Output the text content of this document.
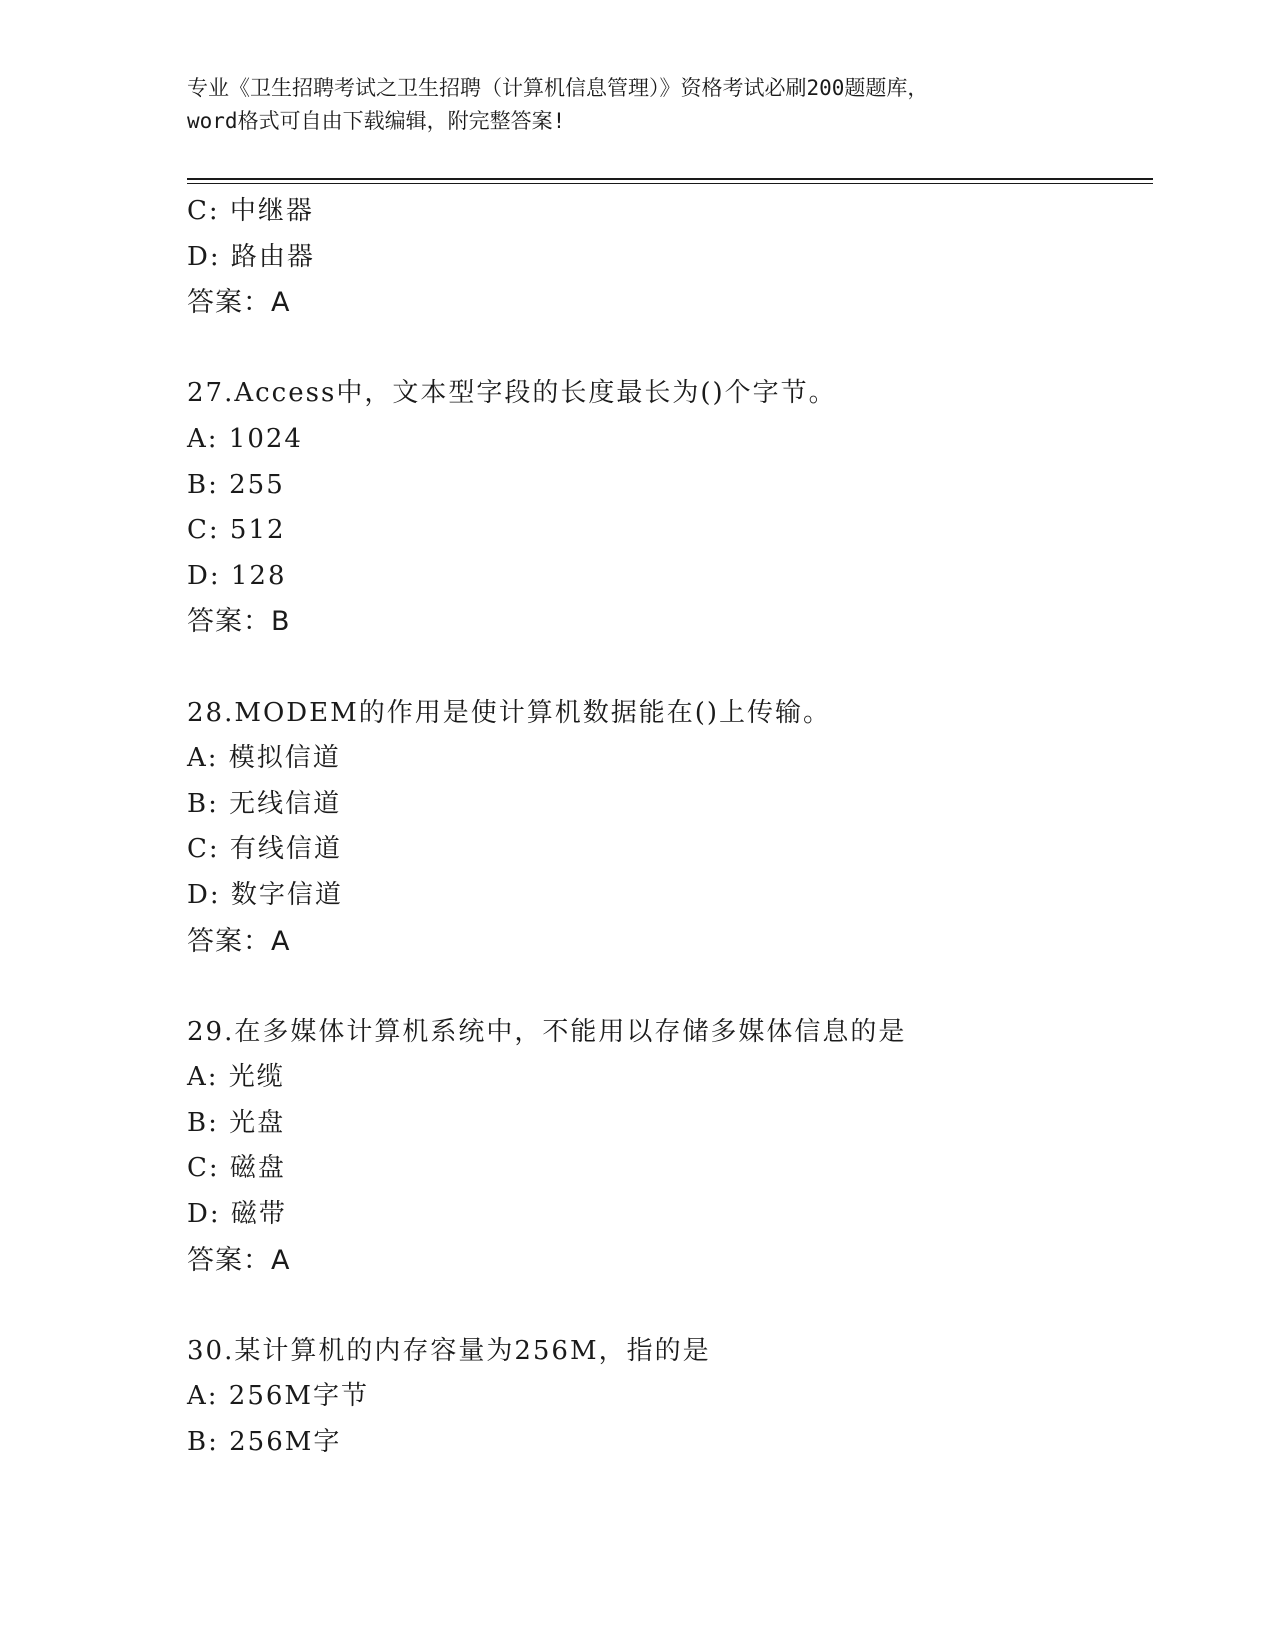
专业《卫生招聘考试之卫生招聘（计算机信息管理）》资格考试必刷200题题库，
word格式可自由下载编辑，附完整答案!
C: 中继器
D: 路由器
答案：A
27.Access中，文本型字段的长度最长为()个字节。
A: 1024
B: 255
C: 512
D: 128
答案：B
28.MODEM的作用是使计算机数据能在()上传输。
A: 模拟信道
B: 无线信道
C: 有线信道
D: 数字信道
答案：A
29.在多媒体计算机系统中，不能用以存储多媒体信息的是
A: 光缆
B: 光盘
C: 磁盘
D: 磁带
答案：A
30.某计算机的内存容量为256M，指的是
A: 256M字节
B: 256M字
